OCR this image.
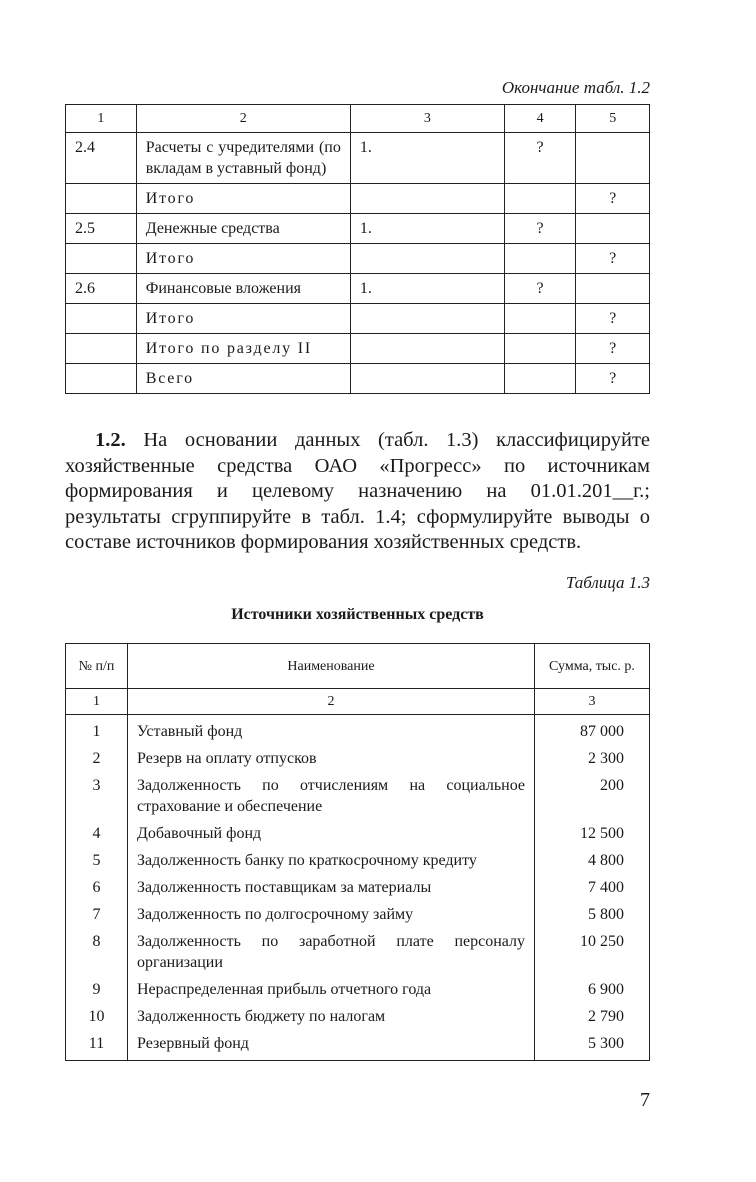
Окончание табл. 1.2
1	2	3	4	5
2.4	Расчеты с учредителями (по вкладам в уставный фонд)	1.	?	
	Итого			?
2.5	Денежные средства	1.	?	
	Итого			?
2.6	Финансовые вложения	1.	?	
	Итого			?
	Итого по разделу II			?
	Всего			?

1.2. На основании данных (табл. 1.3) классифицируйте хозяйственные средства ОАО «Прогресс» по источникам формирования и целевому назначению на 01.01.201__г.; результаты сгруппируйте в табл. 1.4; сформулируйте выводы о составе источников формирования хозяйственных средств.

Таблица 1.3

Источники хозяйственных средств

№ п/п	Наименование	Сумма, тыс. р.
1	2	3
1	Уставный фонд	87 000
2	Резерв на оплату отпусков	2 300
3	Задолженность по отчислениям на социальное страхование и обеспечение	200
4	Добавочный фонд	12 500
5	Задолженность банку по краткосрочному кредиту	4 800
6	Задолженность поставщикам за материалы	7 400
7	Задолженность по долгосрочному займу	5 800
8	Задолженность по заработной плате персоналу организации	10 250
9	Нераспределенная прибыль отчетного года	6 900
10	Задолженность бюджету по налогам	2 790
11	Резервный фонд	5 300
7
